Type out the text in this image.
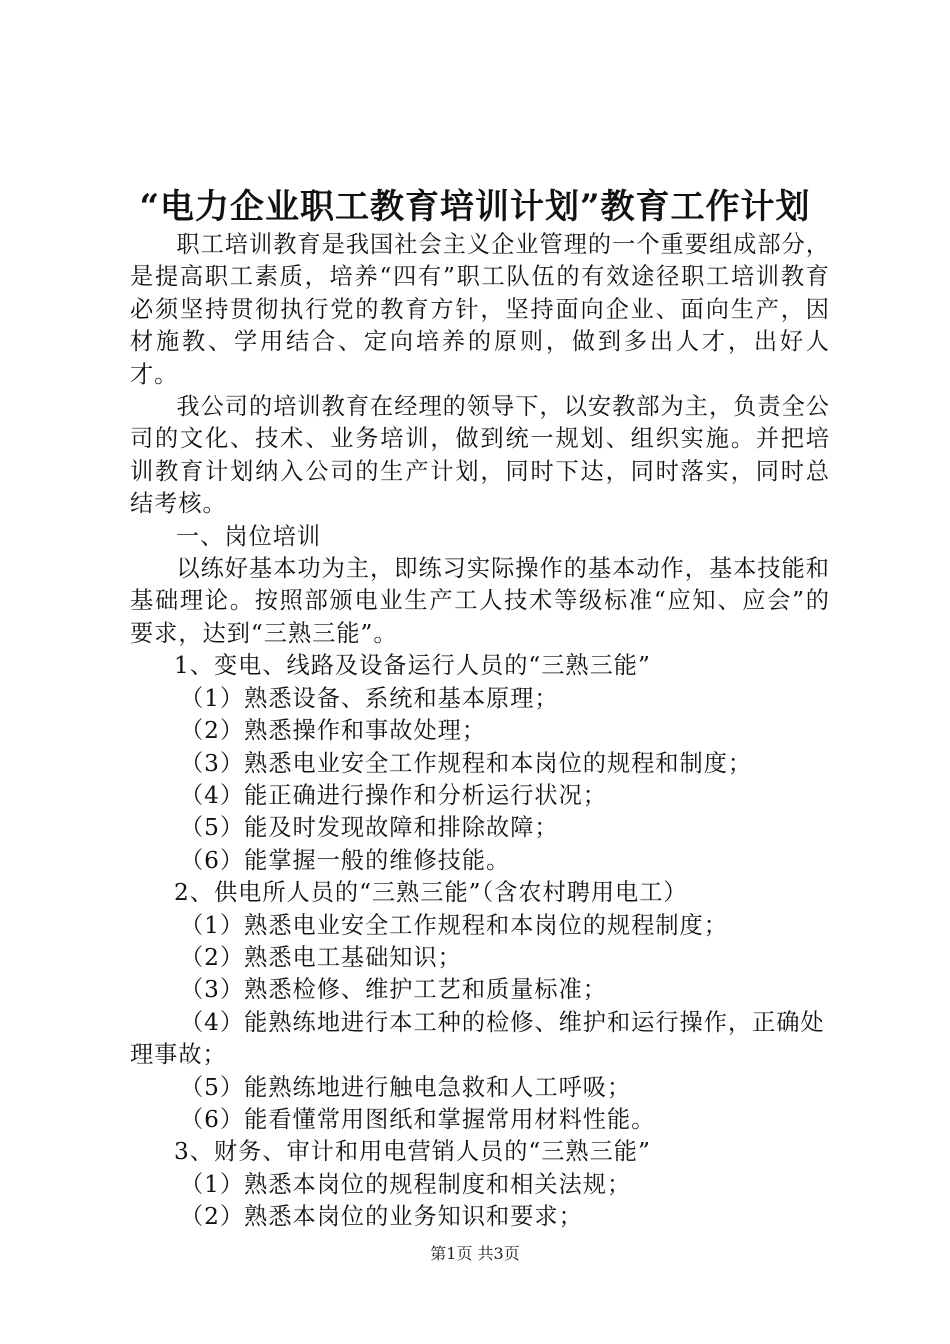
“电力企业职工教育培训计划”教育工作计划

职工培训教育是我国社会主义企业管理的一个重要组成部分，是提高职工素质，培养“四有”职工队伍的有效途径职工培训教育必须坚持贯彻执行党的教育方针，坚持面向企业、面向生产，因材施教、学用结合、定向培养的原则，做到多出人才，出好人才。

我公司的培训教育在经理的领导下，以安教部为主，负责全公司的文化、技术、业务培训，做到统一规划、组织实施。并把培训教育计划纳入公司的生产计划，同时下达，同时落实，同时总结考核。

一、岗位培训

以练好基本功为主，即练习实际操作的基本动作，基本技能和基础理论。按照部颁电业生产工人技术等级标准“应知、应会”的要求，达到“三熟三能”。

1、变电、线路及设备运行人员的“三熟三能”

（1）熟悉设备、系统和基本原理；

（2）熟悉操作和事故处理；

（3）熟悉电业安全工作规程和本岗位的规程和制度；

（4）能正确进行操作和分析运行状况；

（5）能及时发现故障和排除故障；

（6）能掌握一般的维修技能。

2、供电所人员的“三熟三能”（含农村聘用电工）

（1）熟悉电业安全工作规程和本岗位的规程制度；

（2）熟悉电工基础知识；

（3）熟悉检修、维护工艺和质量标准；

（4）能熟练地进行本工种的检修、维护和运行操作，正确处理事故；

（5）能熟练地进行触电急救和人工呼吸；

（6）能看懂常用图纸和掌握常用材料性能。

3、财务、审计和用电营销人员的“三熟三能”

（1）熟悉本岗位的规程制度和相关法规；

（2）熟悉本岗位的业务知识和要求；

第1页 共3页
